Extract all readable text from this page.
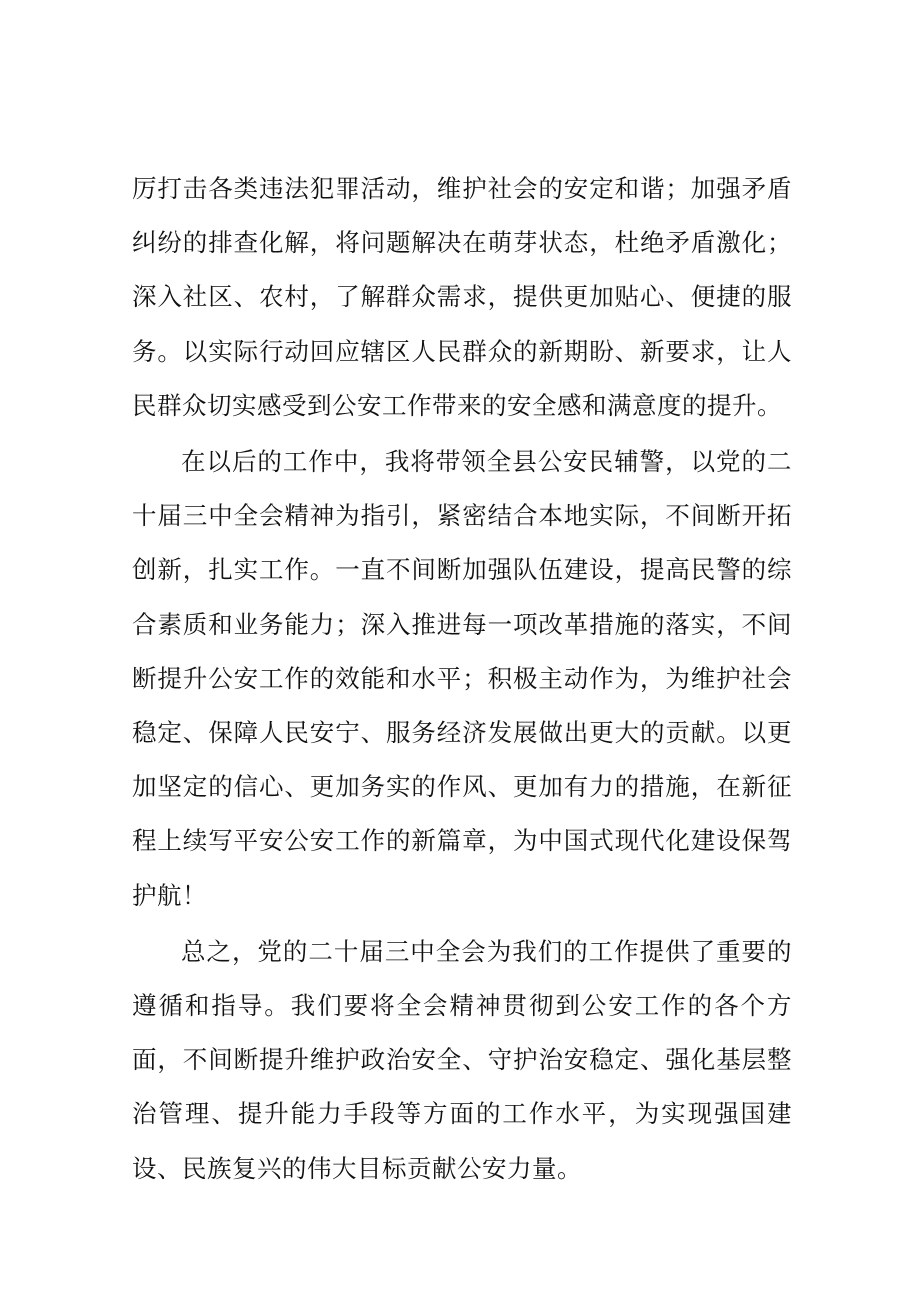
厉打击各类违法犯罪活动，维护社会的安定和谐；加强矛盾纠纷的排查化解，将问题解决在萌芽状态，杜绝矛盾激化；深入社区、农村，了解群众需求，提供更加贴心、便捷的服务。以实际行动回应辖区人民群众的新期盼、新要求，让人民群众切实感受到公安工作带来的安全感和满意度的提升。

在以后的工作中，我将带领全县公安民辅警，以党的二十届三中全会精神为指引，紧密结合本地实际，不间断开拓创新，扎实工作。一直不间断加强队伍建设，提高民警的综合素质和业务能力；深入推进每一项改革措施的落实，不间断提升公安工作的效能和水平；积极主动作为，为维护社会稳定、保障人民安宁、服务经济发展做出更大的贡献。以更加坚定的信心、更加务实的作风、更加有力的措施，在新征程上续写平安公安工作的新篇章，为中国式现代化建设保驾护航！

总之，党的二十届三中全会为我们的工作提供了重要的遵循和指导。我们要将全会精神贯彻到公安工作的各个方面，不间断提升维护政治安全、守护治安稳定、强化基层整治管理、提升能力手段等方面的工作水平，为实现强国建设、民族复兴的伟大目标贡献公安力量。
